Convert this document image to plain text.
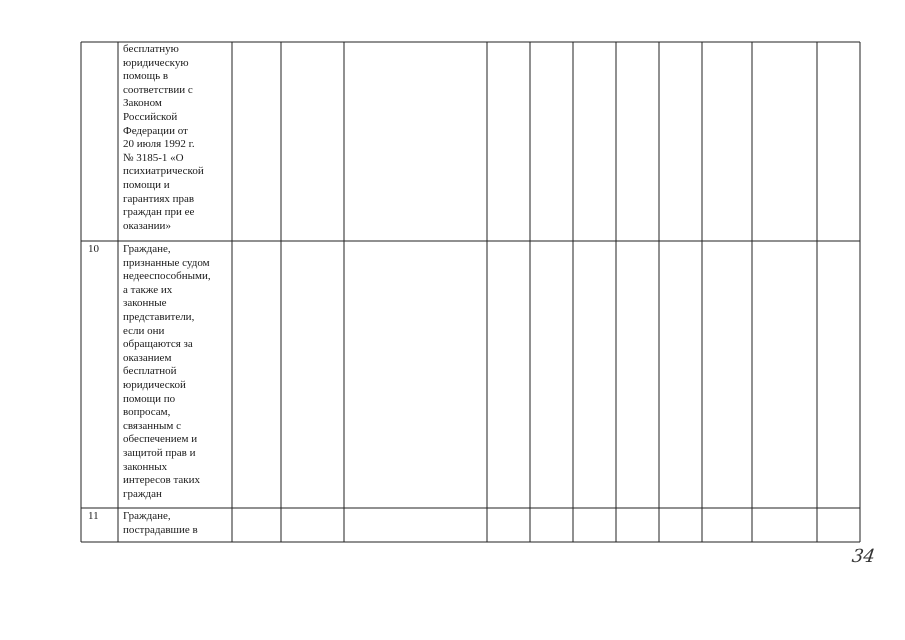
бесплатную
юридическую
помощь в
соответствии с
Законом
Российской
Федерации от
20 июля 1992 г.
№ 3185-1 «О
психиатрической
помощи и
гарантиях прав
граждан при ее
оказании»
10 Граждане,
признанные судом
недееспособными,
а также их
законные
представители,
если они
обращаются за
оказанием
бесплатной
юридической
помощи по
вопросам,
связанным с
обеспечением и
защитой прав и
законных
интересов таких
граждан
11 Граждане,
пострадавшие в
34
